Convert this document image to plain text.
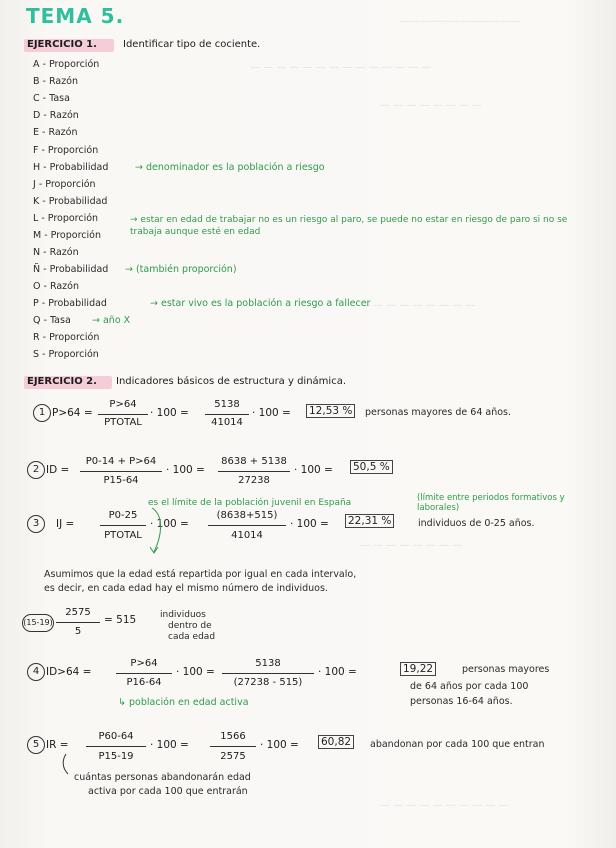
————————————
— — — — — — — — — — — — — —
— — — — — — — —
— — — — — — — — —
— — — — — — — —
— — — — — — — — — —
TEMA 5.
EJERCICIO 1.	Identificar tipo de cociente.
A - Proporción
B - Razón
C - Tasa
D - Razón
E - Razón
F - Proporción
H - Probabilidad	→ denominador es la población a riesgo
J - Proporción
K - Probabilidad
L - Proporción
M - Proporción
→ estar en edad de trabajar no es un riesgo al paro, se puede no estar en riesgo de paro si no se trabaja aunque esté en edad
N - Razón
Ñ - Probabilidad → (también proporción)
O - Razón
P - Probabilidad	→ estar vivo es la población a riesgo a fallecer
Q - Tasa → año X
R - Proporción
S - Proporción
EJERCICIO 2. Indicadores básicos de estructura y dinámica.
1 P>64 =
P>64
PTOTAL
· 100 =
5138
41014
· 100 = 12,53 %	personas mayores de 64 años.
2 ID =
P0-14 + P>64
P15-64
· 100 =
8638 + 5138
27238
· 100 = 50,5 %
es el límite de la población juvenil en España	(límite entre periodos formativos y laborales)
3	IJ =
P0-25
PTOTAL
· 100 =
(8638+515)
41014
· 100 = 22,31 %	individuos de 0-25 años.
Asumimos que la edad está repartida por igual en cada intervalo,
es decir, en cada edad hay el mismo número de individuos.
(15-19)
2575
5
= 515	individuos
dentro de
cada edad
4 ID>64 =
P>64
P16-64
· 100 =
5138
(27238 - 515)
· 100 =	19,22	personas mayores
de 64 años por cada 100
personas 16-64 años.
↳ población en edad activa
5 IR =
P60-64
P15-19
· 100 =
1566
2575
· 100 = 60,82	abandonan por cada 100 que entran
cuántas personas abandonarán edad
activa por cada 100 que entrarán
